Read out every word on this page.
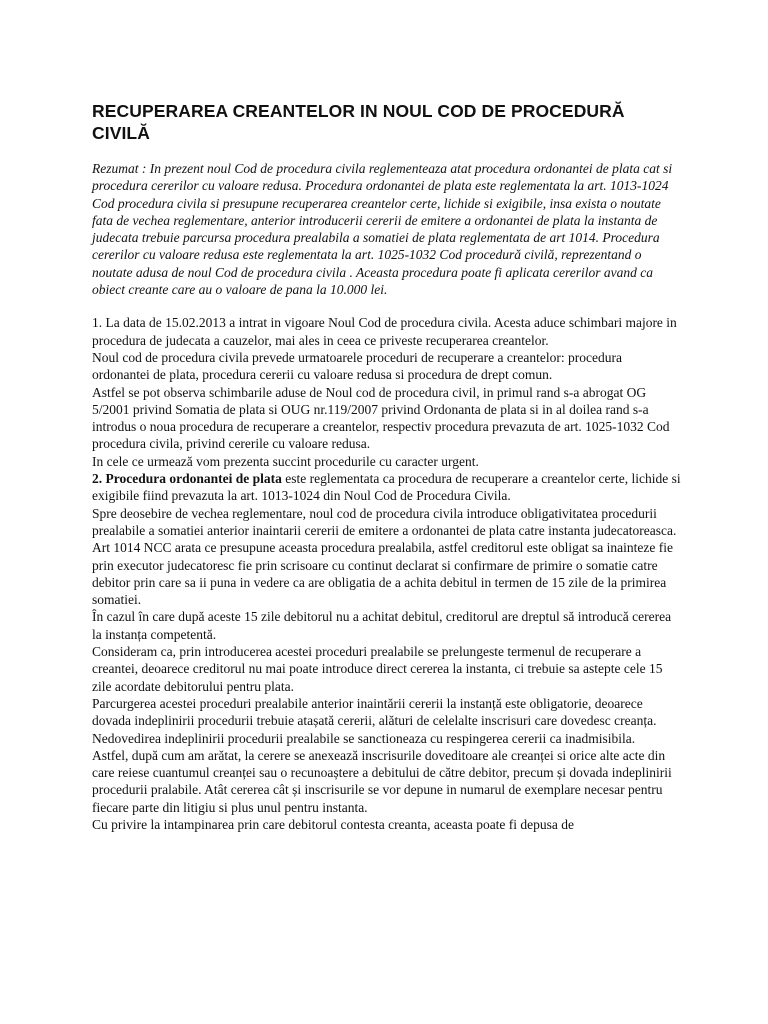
RECUPERAREA CREANTELOR IN NOUL COD DE PROCEDURĂ CIVILĂ

Rezumat : In prezent noul Cod de procedura civila reglementeaza atat procedura ordonantei de plata cat si procedura cererilor cu valoare redusa. Procedura ordonantei de plata este reglementata la art. 1013-1024 Cod procedura civila si presupune recuperarea creantelor certe, lichide si exigibile, insa exista o noutate fata de vechea reglementare, anterior introducerii cererii de emitere a ordonantei de plata la instanta de judecata trebuie parcursa procedura prealabila a somatiei de plata reglementata de art 1014. Procedura cererilor cu valoare redusa este reglementata la art. 1025-1032 Cod procedură civilă, reprezentand o noutate adusa de noul Cod de procedura civila . Aceasta procedura poate fi aplicata cererilor avand ca obiect creante care au o valoare de pana la 10.000 lei.

1. La data de 15.02.2013 a intrat in vigoare Noul Cod de procedura civila. Acesta aduce schimbari majore in procedura de judecata a cauzelor, mai ales in ceea ce priveste recuperarea creantelor.

Noul cod de procedura civila prevede urmatoarele proceduri de recuperare a creantelor: procedura ordonantei de plata, procedura cererii cu valoare redusa si procedura de drept comun.

Astfel se pot observa schimbarile aduse de Noul cod de procedura civil, in primul rand s-a abrogat OG 5/2001 privind Somatia de plata si OUG nr.119/2007 privind Ordonanta de plata si in al doilea rand s-a introdus o noua procedura de recuperare a creantelor, respectiv procedura prevazuta de art. 1025-1032 Cod procedura civila, privind cererile cu valoare redusa.

In cele ce urmează vom prezenta succint procedurile cu caracter urgent.

2. Procedura ordonantei de plata este reglementata ca procedura de recuperare a creantelor certe, lichide si exigibile fiind prevazuta la art. 1013-1024 din Noul Cod de Procedura Civila.

Spre deosebire de vechea reglementare, noul cod de procedura civila introduce obligativitatea procedurii prealabile a somatiei anterior inaintarii cererii de emitere a ordonantei de plata catre instanta judecatoreasca.

Art 1014 NCC arata ce presupune aceasta procedura prealabila, astfel creditorul este obligat sa inainteze fie prin executor judecatoresc fie prin scrisoare cu continut declarat si confirmare de primire o somatie catre debitor prin care sa ii puna in vedere ca are obligatia de a achita debitul in termen de 15 zile de la primirea somatiei.

În cazul în care după aceste 15 zile debitorul nu a achitat debitul, creditorul are dreptul să introducă cererea la instanța competentă.

Consideram ca, prin introducerea acestei proceduri prealabile se prelungeste termenul de recuperare a creantei, deoarece creditorul nu mai poate introduce direct cererea la instanta, ci trebuie sa astepte cele 15 zile acordate debitorului pentru plata.

Parcurgerea acestei proceduri prealabile anterior inaintării cererii la instanță este obligatorie, deoarece dovada indeplinirii procedurii trebuie atașată cererii, alături de celelalte inscrisuri care dovedesc creanța. Nedovedirea indeplinirii procedurii prealabile se sanctioneaza cu respingerea cererii ca inadmisibila.

Astfel, după cum am arătat, la cerere se anexează inscrisurile doveditoare ale creanței si orice alte acte din care reiese cuantumul creanței sau o recunoaștere a debitului de către debitor, precum și dovada indeplinirii procedurii pralabile. Atât cererea cât și inscrisurile se vor depune in numarul de exemplare necesar pentru fiecare parte din litigiu si plus unul pentru instanta.

Cu privire la intampinarea prin care debitorul contesta creanta, aceasta poate fi depusa de
